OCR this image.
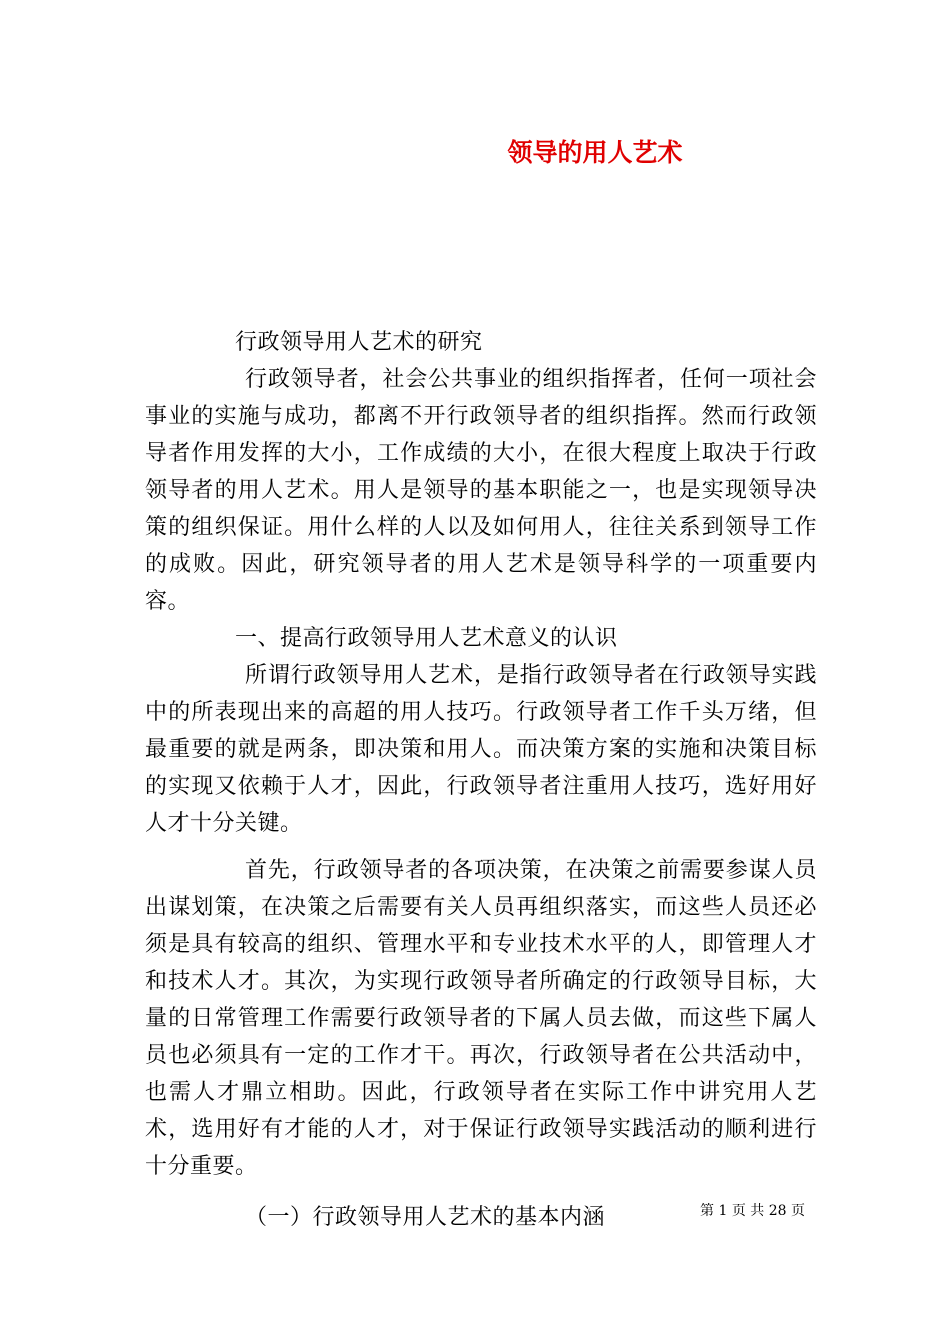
领导的用人艺术

行政领导用人艺术的研究

行政领导者，社会公共事业的组织指挥者，任何一项社会事业的实施与成功，都离不开行政领导者的组织指挥。然而行政领导者作用发挥的大小，工作成绩的大小，在很大程度上取决于行政领导者的用人艺术。用人是领导的基本职能之一，也是实现领导决策的组织保证。用什么样的人以及如何用人，往往关系到领导工作的成败。因此，研究领导者的用人艺术是领导科学的一项重要内容。

一、提高行政领导用人艺术意义的认识

所谓行政领导用人艺术，是指行政领导者在行政领导实践中的所表现出来的高超的用人技巧。行政领导者工作千头万绪，但最重要的就是两条，即决策和用人。而决策方案的实施和决策目标的实现又依赖于人才，因此，行政领导者注重用人技巧，选好用好人才十分关键。

首先，行政领导者的各项决策，在决策之前需要参谋人员出谋划策，在决策之后需要有关人员再组织落实，而这些人员还必须是具有较高的组织、管理水平和专业技术水平的人，即管理人才和技术人才。其次，为实现行政领导者所确定的行政领导目标，大量的日常管理工作需要行政领导者的下属人员去做，而这些下属人员也必须具有一定的工作才干。再次，行政领导者在公共活动中，也需人才鼎立相助。因此，行政领导者在实际工作中讲究用人艺术，选用好有才能的人才，对于保证行政领导实践活动的顺利进行十分重要。

（一）行政领导用人艺术的基本内涵	第 1 页 共 28 页
